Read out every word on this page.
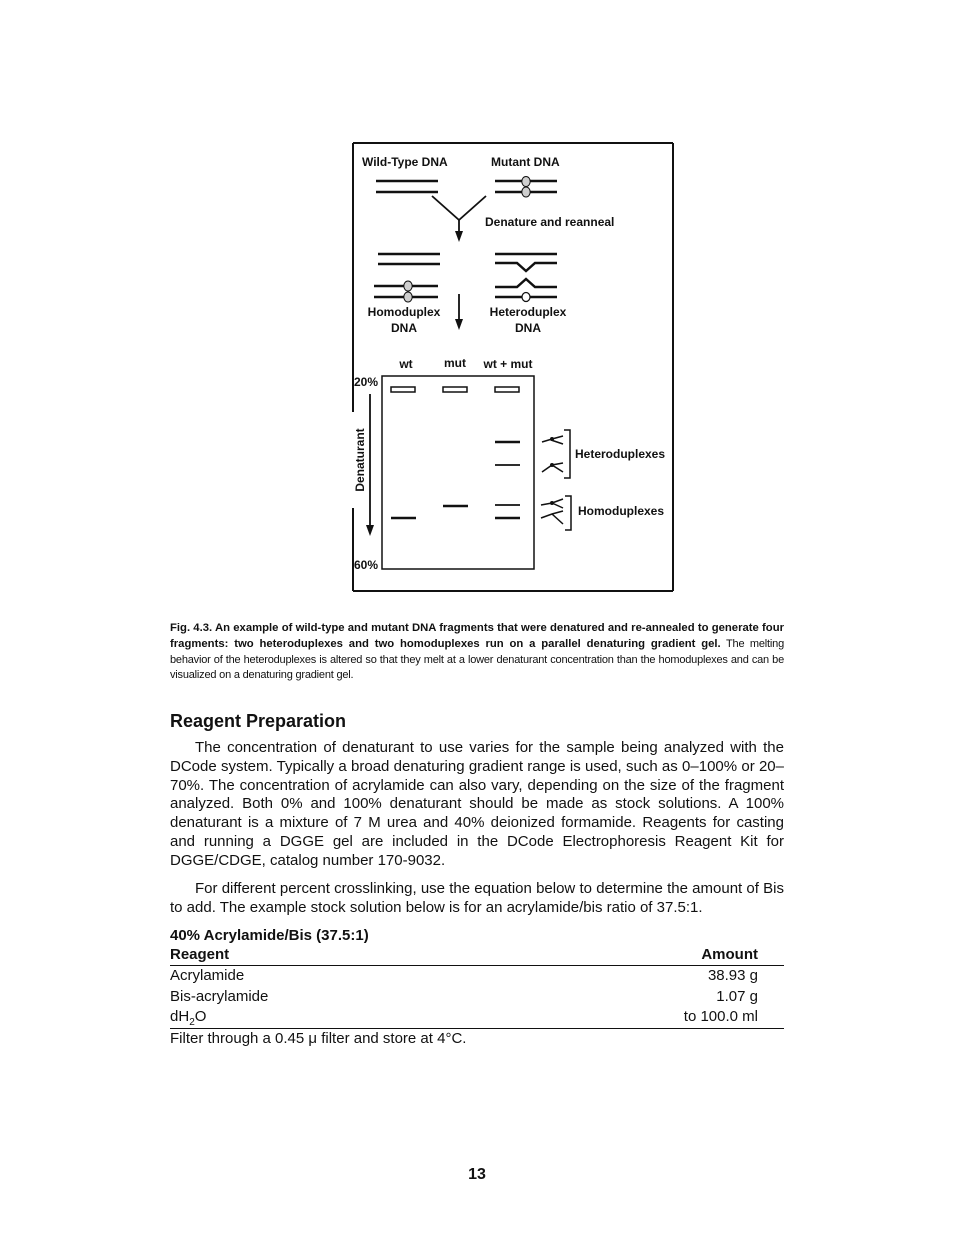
Wild-Type DNA	Mutant DNA
Denature and reanneal
Homoduplex
DNA
Heteroduplex
DNA
wt	mut wt + mut
20%
60%
Denaturant	Heteroduplexes
Homoduplexes
Fig. 4.3. An example of wild-type and mutant DNA fragments that were denatured and re-annealed to generate four fragments: two heteroduplexes and two homoduplexes run on a parallel denaturing gradient gel. The melting behavior of the heteroduplexes is altered so that they melt at a lower denaturant concentration than the homoduplexes and can be visualized on a denaturing gradient gel.
Reagent Preparation

The concentration of denaturant to use varies for the sample being analyzed with the DCode system. Typically a broad denaturing gradient range is used, such as 0–100% or 20–70%. The concentration of acrylamide can also vary, depending on the size of the fragment analyzed. Both 0% and 100% denaturant should be made as stock solutions. A 100% denaturant is a mixture of 7 M urea and 40% deionized formamide. Reagents for casting and running a DGGE gel are included in the DCode Electrophoresis Reagent Kit for DGGE/CDGE, catalog number 170-9032.

For different percent crosslinking, use the equation below to determine the amount of Bis to add. The example stock solution below is for an acrylamide/bis ratio of 37.5:1.

40% Acrylamide/Bis (37.5:1)
Reagent	Amount
Acrylamide	38.93 g
Bis-acrylamide	1.07 g
$dH_2O$	to 100.0 ml
Filter through a 0.45 μ filter and store at 4°C.
13
